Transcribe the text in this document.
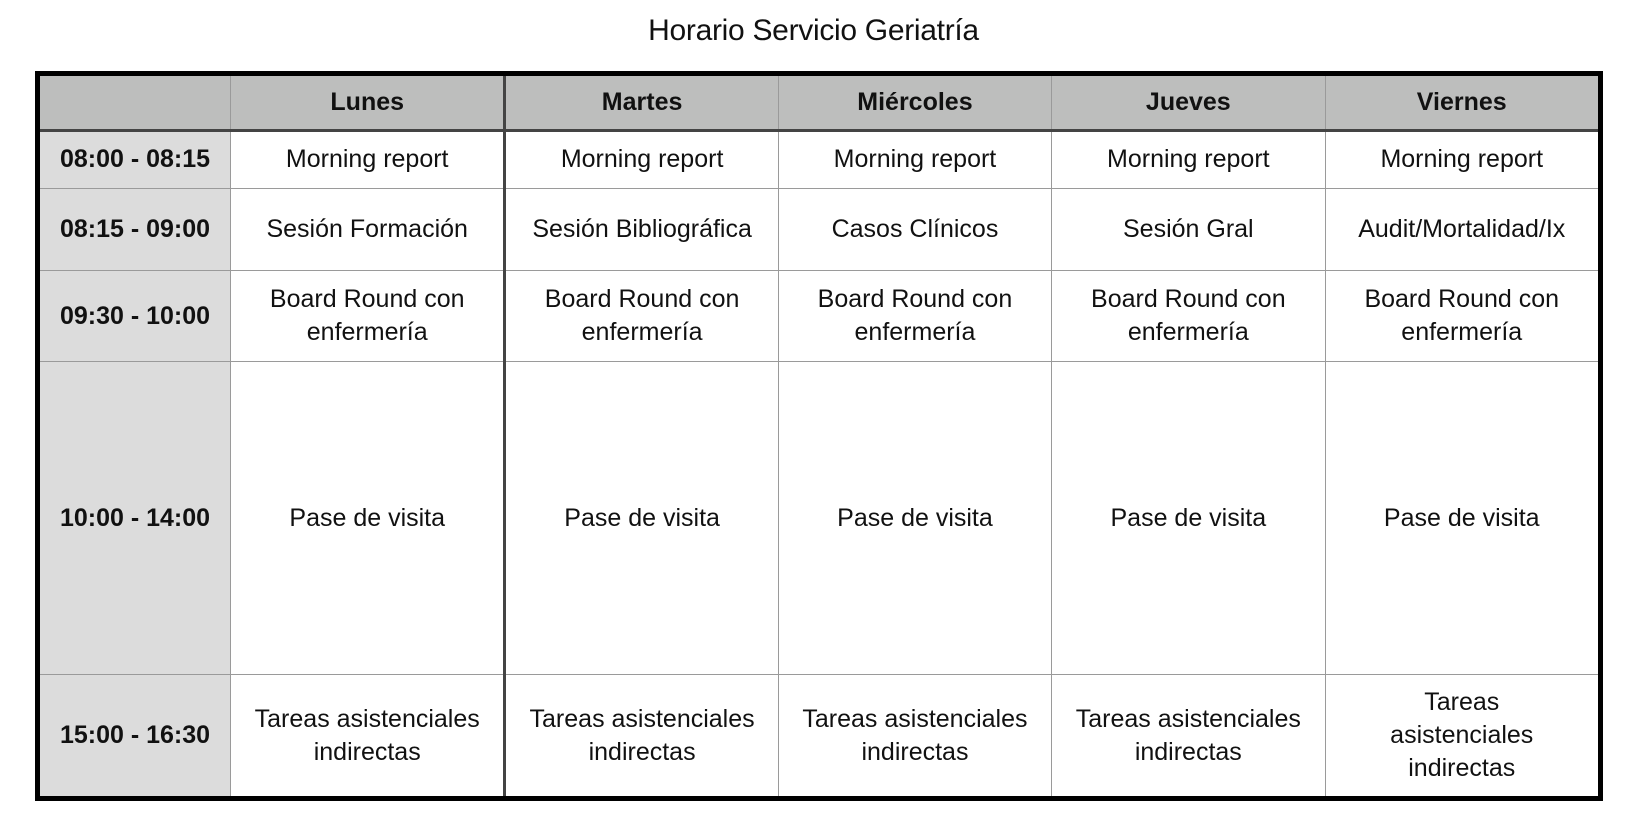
Horario Servicio Geriatría
	Lunes	Martes	Miércoles	Jueves	Viernes
08:00 - 08:15	Morning report	Morning report	Morning report	Morning report	Morning report
08:15 - 09:00	Sesión Formación	Sesión Bibliográfica	Casos Clínicos	Sesión Gral	Audit/Mortalidad/Ix
09:30 - 10:00	Board Round con enfermería	Board Round con enfermería	Board Round con enfermería	Board Round con enfermería	Board Round con enfermería
10:00 - 14:00	Pase de visita	Pase de visita	Pase de visita	Pase de visita	Pase de visita
15:00 - 16:30	Tareas asistenciales indirectas	Tareas asistenciales indirectas	Tareas asistenciales indirectas	Tareas asistenciales indirectas	Tareas asistenciales indirectas
